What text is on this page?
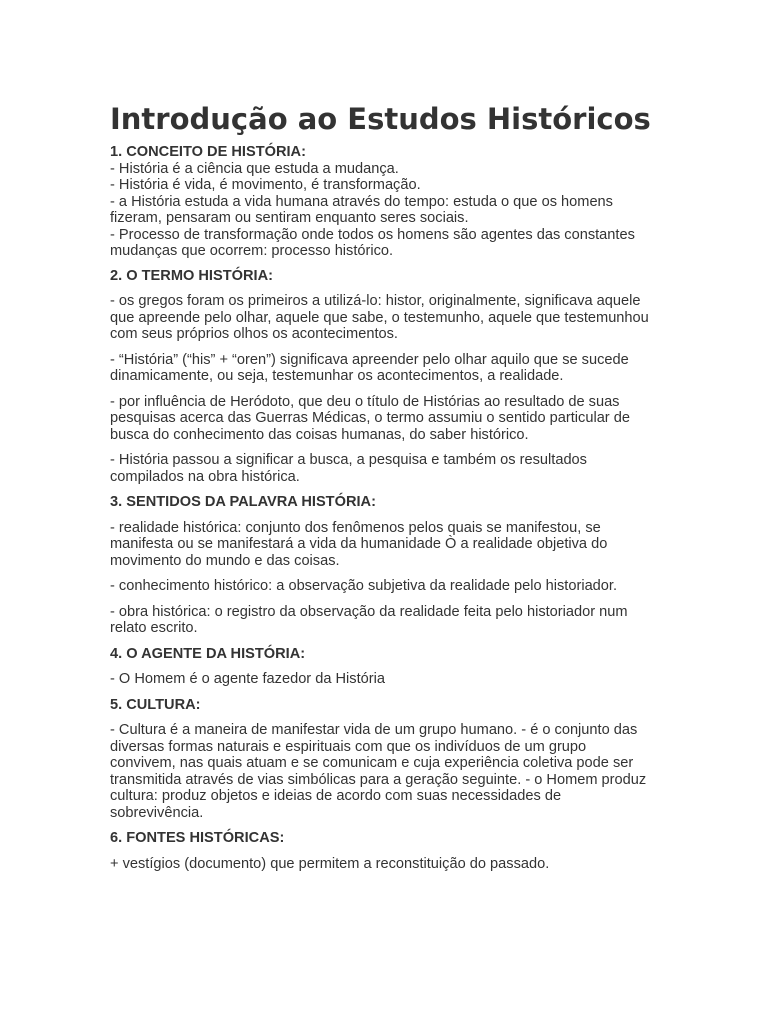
Introdução ao Estudos Históricos

1. CONCEITO DE HISTÓRIA:

- História é a ciência que estuda a mudança.

- História é vida, é movimento, é transformação.

- a História estuda a vida humana através do tempo: estuda o que os homens fizeram, pensaram ou sentiram enquanto seres sociais.

- Processo de transformação onde todos os homens são agentes das constantes mudanças que ocorrem: processo histórico.

2. O TERMO HISTÓRIA:

- os gregos foram os primeiros a utilizá-lo: histor, originalmente, significava aquele que apreende pelo olhar, aquele que sabe, o testemunho, aquele que testemunhou com seus próprios olhos os acontecimentos.

- “História” (“his” + “oren”) significava apreender pelo olhar aquilo que se sucede dinamicamente, ou seja, testemunhar os acontecimentos, a realidade.

- por influência de Heródoto, que deu o título de Histórias ao resultado de suas pesquisas acerca das Guerras Médicas, o termo assumiu o sentido particular de busca do conhecimento das coisas humanas, do saber histórico.

- História passou a significar a busca, a pesquisa e também os resultados compilados na obra histórica.

3. SENTIDOS DA PALAVRA HISTÓRIA:

- realidade histórica: conjunto dos fenômenos pelos quais se manifestou, se manifesta ou se manifestará a vida da humanidade Ò a realidade objetiva do movimento do mundo e das coisas.

- conhecimento histórico: a observação subjetiva da realidade pelo historiador.

- obra histórica: o registro da observação da realidade feita pelo historiador num relato escrito.

4. O AGENTE DA HISTÓRIA:

- O Homem é o agente fazedor da História

5. CULTURA:

- Cultura é a maneira de manifestar vida de um grupo humano. - é o conjunto das diversas formas naturais e espirituais com que os indivíduos de um grupo convivem, nas quais atuam e se comunicam e cuja experiência coletiva pode ser transmitida através de vias simbólicas para a geração seguinte. - o Homem produz cultura: produz objetos e ideias de acordo com suas necessidades de sobrevivência.

6. FONTES HISTÓRICAS:

+ vestígios (documento) que permitem a reconstituição do passado.
